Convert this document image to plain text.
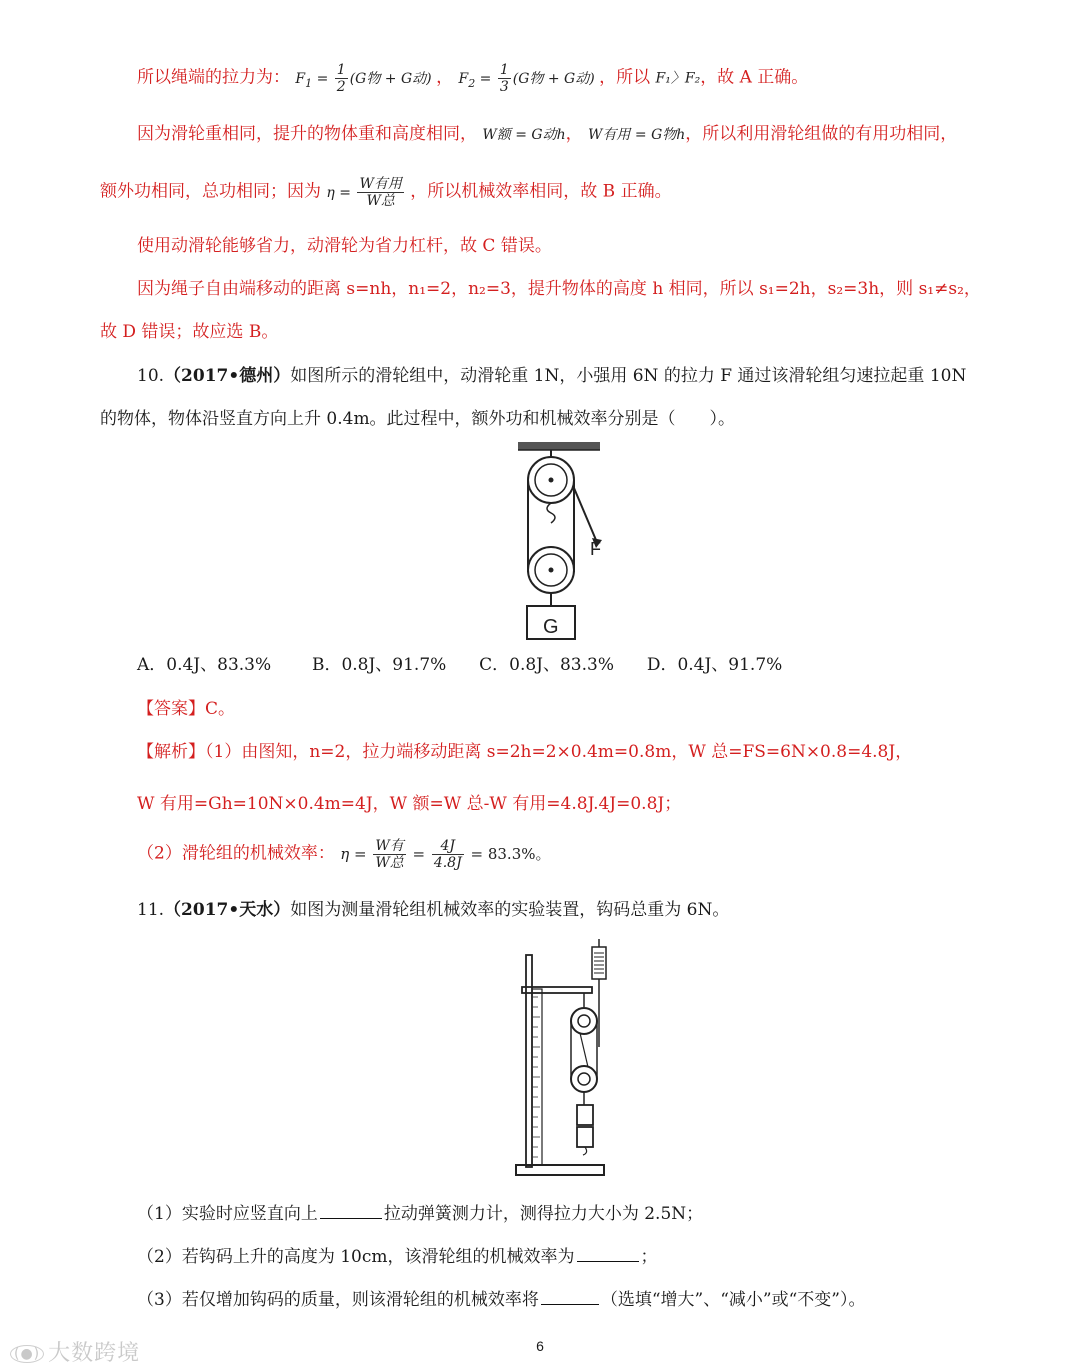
所以绳端的拉力为： $F_1 = \frac{1}{2} (G$物 + G动) ， $F_2 = \frac{1}{3} (G$物 + G动) ，所以 F₁〉F₂，故 A 正确。
因为滑轮重相同，提升的物体重和高度相同， W额 = G动h， W有用 = G物h，所以利用滑轮组做的有用功相同，
额外功相同，总功相同；因为 $\eta = \frac{\text{W有用}}{\text{W总}}$ ，所以机械效率相同，故 B 正确。
使用动滑轮能够省力，动滑轮为省力杠杆，故 C 错误。
因为绳子自由端移动的距离 s=nh，n₁=2，n₂=3，提升物体的高度 h 相同，所以 s₁=2h，s₂=3h，则 s₁≠s₂，
故 D 错误；故应选 B。
10.（2017•德州）如图所示的滑轮组中，动滑轮重 1N，小强用 6N 的拉力 F 通过该滑轮组匀速拉起重 10N
的物体，物体沿竖直方向上升 0.4m。此过程中，额外功和机械效率分别是（　　）。
F
G
A．0.4J、83.3% B．0.8J、91.7% C．0.8J、83.3% D．0.4J、91.7%
【答案】C。
【解析】（1）由图知，n=2，拉力端移动距离 s=2h=2×0.4m=0.8m，W 总=FS=6N×0.8=4.8J，
W 有用=Gh=10N×0.4m=4J，W 额=W 总-W 有用=4.8J.4J=0.8J；
（2）滑轮组的机械效率： $\eta = \frac{\text{W有}}{\text{W总}} = \frac{4J}{4.8J} = 83.3\%$。
11.（2017•天水）如图为测量滑轮组机械效率的实验装置，钩码总重为 6N。
（1）实验时应竖直向上	拉动弹簧测力计，测得拉力大小为 2.5N；
（2）若钩码上升的高度为 10cm，该滑轮组的机械效率为	；
（3）若仅增加钩码的质量，则该滑轮组的机械效率将	（选填“增大”、“减小”或“不变”）。
(●) 大数跨境	6
